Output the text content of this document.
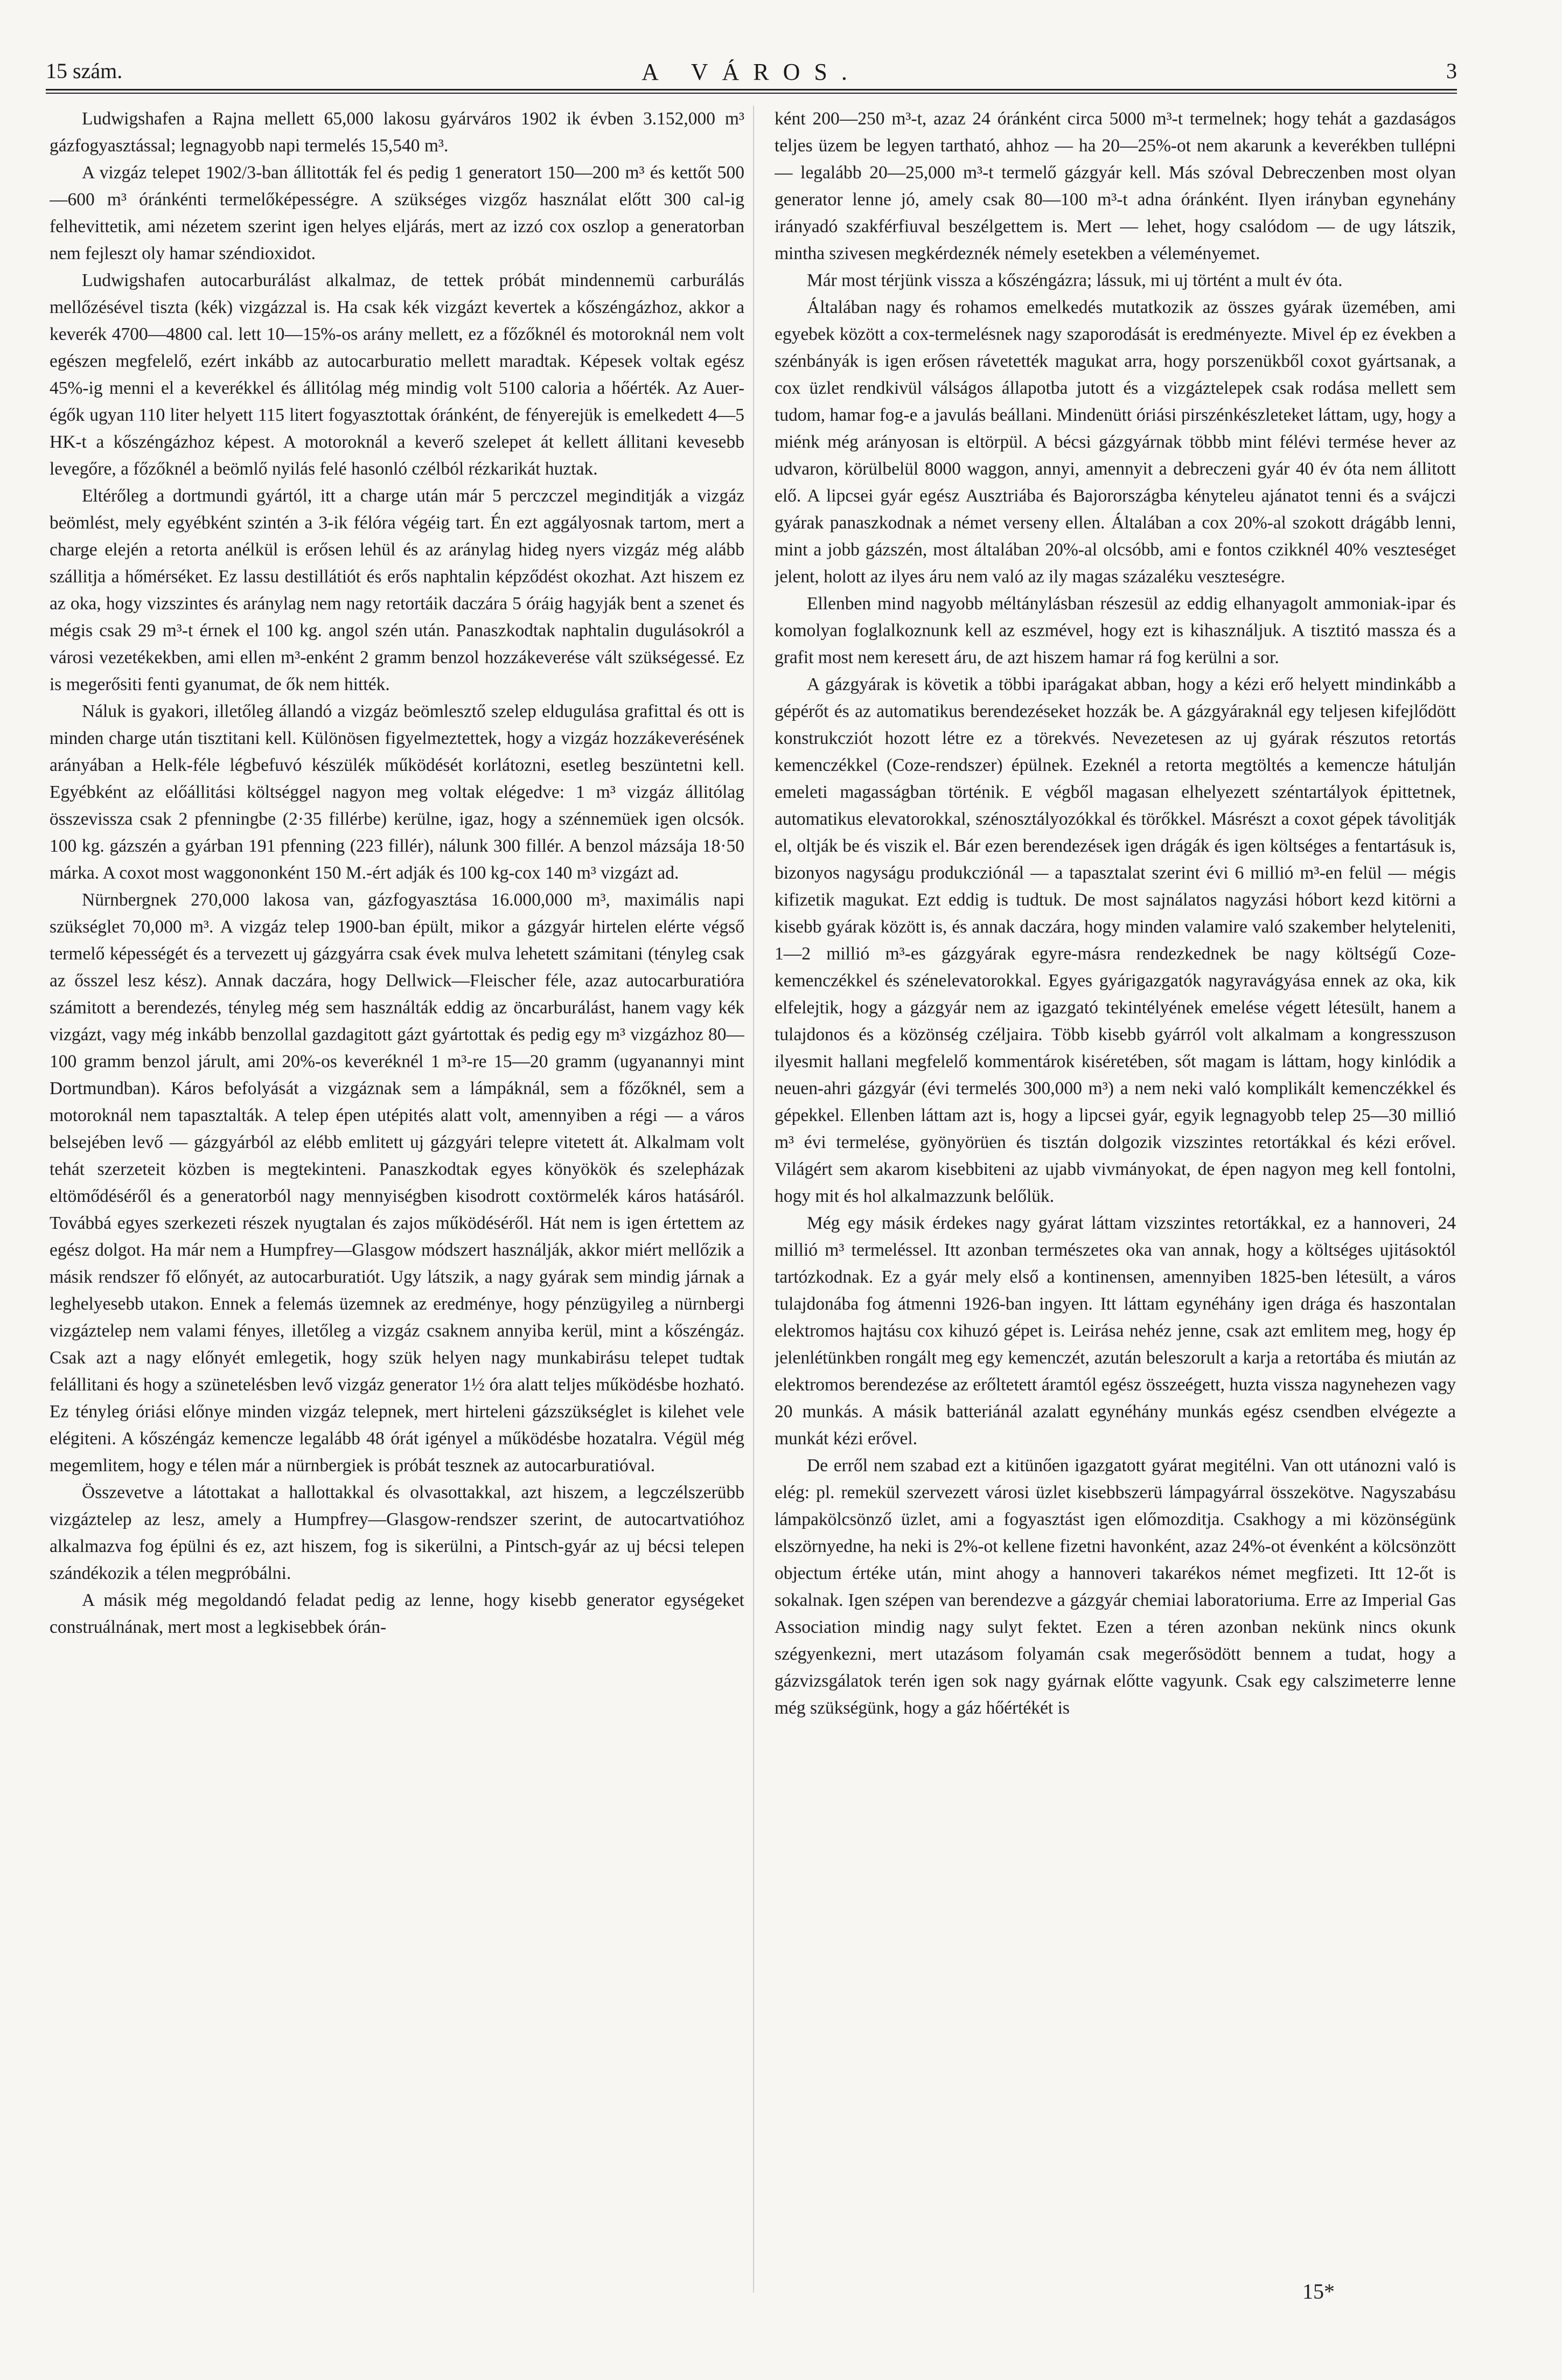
15 szám.	A VÁROS.	3

Ludwigshafen a Rajna mellett 65,000 lakosu gyárváros 1902 ik évben 3.152,000 m³ gázfogyasztással; legnagyobb napi termelés 15,540 m³.

A vizgáz telepet 1902/3-ban állitották fel és pedig 1 generatort 150—200 m³ és kettőt 500—600 m³ óránkénti termelőképességre. A szükséges vizgőz használat előtt 300 cal-ig felhevittetik, ami nézetem szerint igen helyes eljárás, mert az izzó cox oszlop a generatorban nem fejleszt oly hamar széndioxidot.

Ludwigshafen autocarburálást alkalmaz, de tettek próbát mindennemü carburálás mellőzésével tiszta (kék) vizgázzal is. Ha csak kék vizgázt kevertek a kőszéngázhoz, akkor a keverék 4700—4800 cal. lett 10—15%-os arány mellett, ez a főzőknél és motoroknál nem volt egészen megfelelő, ezért inkább az autocarburatio mellett maradtak. Képesek voltak egész 45%-ig menni el a keverékkel és állitólag még mindig volt 5100 caloria a hőérték. Az Auer-égők ugyan 110 liter helyett 115 litert fogyasztottak óránként, de fényerejük is emelkedett 4—5 HK-t a kőszéngázhoz képest. A motoroknál a keverő szelepet át kellett állitani kevesebb levegőre, a főzőknél a beömlő nyilás felé hasonló czélból rézkarikát huztak.

Eltérőleg a dortmundi gyártól, itt a charge után már 5 perczczel meginditják a vizgáz beömlést, mely egyébként szintén a 3-ik félóra végéig tart. Én ezt aggályosnak tartom, mert a charge elején a retorta anélkül is erősen lehül és az aránylag hideg nyers vizgáz még alább szállitja a hőmérséket. Ez lassu destillátiót és erős naphtalin képződést okozhat. Azt hiszem ez az oka, hogy vizszintes és aránylag nem nagy retortáik daczára 5 óráig hagyják bent a szenet és mégis csak 29 m³-t érnek el 100 kg. angol szén után. Panaszkodtak naphtalin dugulásokról a városi vezetékekben, ami ellen m³-enként 2 gramm benzol hozzákeverése vált szükségessé. Ez is megerősiti fenti gyanumat, de ők nem hitték.

Náluk is gyakori, illetőleg állandó a vizgáz beömlesztő szelep eldugulása grafittal és ott is minden charge után tisztitani kell. Különösen figyelmeztettek, hogy a vizgáz hozzákeverésének arányában a Helk-féle légbefuvó készülék működését korlátozni, esetleg beszüntetni kell. Egyébként az előállitási költséggel nagyon meg voltak elégedve: 1 m³ vizgáz állitólag összevissza csak 2 pfenningbe (2·35 fillérbe) kerülne, igaz, hogy a szénnemüek igen olcsók. 100 kg. gázszén a gyárban 191 pfenning (223 fillér), nálunk 300 fillér. A benzol mázsája 18·50 márka. A coxot most waggononként 150 M.-ért adják és 100 kg-cox 140 m³ vizgázt ad.

Nürnbergnek 270,000 lakosa van, gázfogyasztása 16.000,000 m³, maximális napi szükséglet 70,000 m³. A vizgáz telep 1900-ban épült, mikor a gázgyár hirtelen elérte végső termelő képességét és a tervezett uj gázgyárra csak évek mulva lehetett számitani (tényleg csak az ősszel lesz kész). Annak daczára, hogy Dellwick—Fleischer féle, azaz autocarburatióra számitott a berendezés, tényleg még sem használták eddig az öncarburálást, hanem vagy kék vizgázt, vagy még inkább benzollal gazdagitott gázt gyártottak és pedig egy m³ vizgázhoz 80—100 gramm benzol járult, ami 20%-os keveréknél 1 m³-re 15—20 gramm (ugyanannyi mint Dortmundban). Káros befolyását a vizgáznak sem a lámpáknál, sem a főzőknél, sem a motoroknál nem tapasztalták. A telep épen utépités alatt volt, amennyiben a régi — a város belsejében levő — gázgyárból az elébb emlitett uj gázgyári telepre vitetett át. Alkalmam volt tehát szerzeteit közben is megtekinteni. Panaszkodtak egyes könyökök és szelepházak eltömődéséről és a generatorból nagy mennyiségben kisodrott coxtörmelék káros hatásáról. Továbbá egyes szerkezeti részek nyugtalan és zajos működéséről. Hát nem is igen értettem az egész dolgot. Ha már nem a Humpfrey—Glasgow módszert használják, akkor miért mellőzik a másik rendszer fő előnyét, az autocarburatiót. Ugy látszik, a nagy gyárak sem mindig járnak a leghelyesebb utakon. Ennek a felemás üzemnek az eredménye, hogy pénzügyileg a nürnbergi vizgáztelep nem valami fényes, illetőleg a vizgáz csaknem annyiba kerül, mint a kőszéngáz. Csak azt a nagy előnyét emlegetik, hogy szük helyen nagy munkabirásu telepet tudtak felállitani és hogy a szünetelésben levő vizgáz generator 1½ óra alatt teljes működésbe hozható. Ez tényleg óriási előnye minden vizgáz telepnek, mert hirteleni gázszükséglet is kilehet vele elégiteni. A kőszéngáz kemencze legalább 48 órát igényel a működésbe hozatalra. Végül még megemlitem, hogy e télen már a nürnbergiek is próbát tesznek az autocarburatióval.

Összevetve a látottakat a hallottakkal és olvasottakkal, azt hiszem, a legczélszerübb vizgáztelep az lesz, amely a Humpfrey—Glasgow-rendszer szerint, de autocartvatióhoz alkalmazva fog épülni és ez, azt hiszem, fog is sikerülni, a Pintsch-gyár az uj bécsi telepen szándékozik a télen megpróbálni.

A másik még megoldandó feladat pedig az lenne, hogy kisebb generator egységeket construálnának, mert most a legkisebbek órán-

ként 200—250 m³-t, azaz 24 óránként circa 5000 m³-t termelnek; hogy tehát a gazdaságos teljes üzem be legyen tartható, ahhoz — ha 20—25%-ot nem akarunk a keverékben tullépni — legalább 20—25,000 m³-t termelő gázgyár kell. Más szóval Debreczenben most olyan generator lenne jó, amely csak 80—100 m³-t adna óránként. Ilyen irányban egynehány irányadó szakférfiuval beszélgettem is. Mert — lehet, hogy csalódom — de ugy látszik, mintha szivesen megkérdeznék némely esetekben a véleményemet.

Már most térjünk vissza a kőszéngázra; lássuk, mi uj történt a mult év óta.

Általában nagy és rohamos emelkedés mutatkozik az összes gyárak üzemében, ami egyebek között a cox-termelésnek nagy szaporodását is eredményezte. Mivel ép ez években a szénbányák is igen erősen rávetették magukat arra, hogy porszenükből coxot gyártsanak, a cox üzlet rendkivül válságos állapotba jutott és a vizgáztelepek csak rodása mellett sem tudom, hamar fog-e a javulás beállani. Mindenütt óriási pirszénkészleteket láttam, ugy, hogy a miénk még arányosan is eltörpül. A bécsi gázgyárnak többb mint félévi termése hever az udvaron, körülbelül 8000 waggon, annyi, amennyit a debreczeni gyár 40 év óta nem állitott elő. A lipcsei gyár egész Ausztriába és Bajorországba kényteleu ajánatot tenni és a svájczi gyárak panaszkodnak a német verseny ellen. Általában a cox 20%-al szokott drágább lenni, mint a jobb gázszén, most általában 20%-al olcsóbb, ami e fontos czikknél 40% veszteséget jelent, holott az ilyes áru nem való az ily magas százaléku veszteségre.

Ellenben mind nagyobb méltánylásban részesül az eddig elhanyagolt ammoniak-ipar és komolyan foglalkoznunk kell az eszmével, hogy ezt is kihasználjuk. A tisztitó massza és a grafit most nem keresett áru, de azt hiszem hamar rá fog kerülni a sor.

A gázgyárak is követik a többi iparágakat abban, hogy a kézi erő helyett mindinkább a gépérőt és az automatikus berendezéseket hozzák be. A gázgyáraknál egy teljesen kifejlődött konstrukcziót hozott létre ez a törekvés. Nevezetesen az uj gyárak részutos retortás kemenczékkel (Coze-rendszer) épülnek. Ezeknél a retorta megtöltés a kemencze hátulján emeleti magasságban történik. E végből magasan elhelyezett széntartályok épittetnek, automatikus elevatorokkal, szénosztályozókkal és törőkkel. Másrészt a coxot gépek távolitják el, oltják be és viszik el. Bár ezen berendezések igen drágák és igen költséges a fentartásuk is, bizonyos nagyságu produkcziónál — a tapasztalat szerint évi 6 millió m³-en felül — mégis kifizetik magukat. Ezt eddig is tudtuk. De most sajnálatos nagyzási hóbort kezd kitörni a kisebb gyárak között is, és annak daczára, hogy minden valamire való szakember helyteleniti, 1—2 millió m³-es gázgyárak egyre-másra rendezkednek be nagy költségű Coze-kemenczékkel és szénelevatorokkal. Egyes gyárigazgatók nagyravágyása ennek az oka, kik elfelejtik, hogy a gázgyár nem az igazgató tekintélyének emelése végett létesült, hanem a tulajdonos és a közönség czéljaira. Több kisebb gyárról volt alkalmam a kongresszuson ilyesmit hallani megfelelő kommentárok kiséretében, sőt magam is láttam, hogy kinlódik a neuen-ahri gázgyár (évi termelés 300,000 m³) a nem neki való komplikált kemenczékkel és gépekkel. Ellenben láttam azt is, hogy a lipcsei gyár, egyik legnagyobb telep 25—30 millió m³ évi termelése, gyönyörüen és tisztán dolgozik vizszintes retortákkal és kézi erővel. Világért sem akarom kisebbiteni az ujabb vivmányokat, de épen nagyon meg kell fontolni, hogy mit és hol alkalmazzunk belőlük.

Még egy másik érdekes nagy gyárat láttam vizszintes retortákkal, ez a hannoveri, 24 millió m³ termeléssel. Itt azonban természetes oka van annak, hogy a költséges ujitásoktól tartózkodnak. Ez a gyár mely első a kontinensen, amennyiben 1825-ben létesült, a város tulajdonába fog átmenni 1926-ban ingyen. Itt láttam egynéhány igen drága és haszontalan elektromos hajtásu cox kihuzó gépet is. Leirása nehéz jenne, csak azt emlitem meg, hogy ép jelenlétünkben rongált meg egy kemenczét, azután beleszorult a karja a retortába és miután az elektromos berendezése az erőltetett áramtól egész összeégett, huzta vissza nagynehezen vagy 20 munkás. A másik batteriánál azalatt egynéhány munkás egész csendben elvégezte a munkát kézi erővel.

De erről nem szabad ezt a kitünően igazgatott gyárat megitélni. Van ott utánozni való is elég: pl. remekül szervezett városi üzlet kisebbszerü lámpagyárral összekötve. Nagyszabásu lámpakölcsönző üzlet, ami a fogyasztást igen előmozditja. Csakhogy a mi közönségünk elszörnyedne, ha neki is 2%-ot kellene fizetni havonként, azaz 24%-ot évenként a kölcsönzött objectum értéke után, mint ahogy a hannoveri takarékos német megfizeti. Itt 12-őt is sokalnak. Igen szépen van berendezve a gázgyár chemiai laboratoriuma. Erre az Imperial Gas Association mindig nagy sulyt fektet. Ezen a téren azonban nekünk nincs okunk szégyenkezni, mert utazásom folyamán csak megerősödött bennem a tudat, hogy a gázvizsgálatok terén igen sok nagy gyárnak előtte vagyunk. Csak egy calszimeterre lenne még szükségünk, hogy a gáz hőértékét is

15*
